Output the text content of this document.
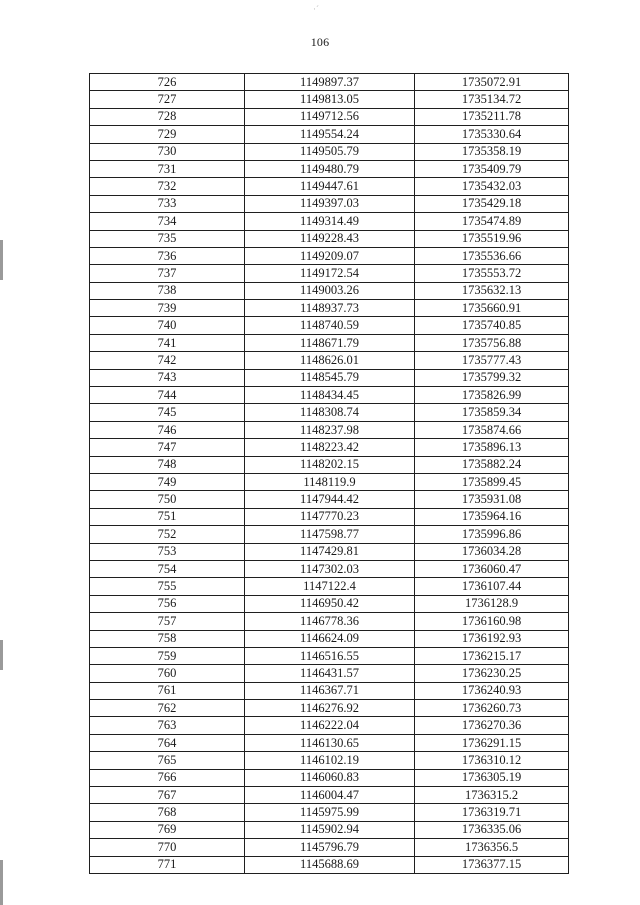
·ˊ
106
726	1149897.37	1735072.91
727	1149813.05	1735134.72
728	1149712.56	1735211.78
729	1149554.24	1735330.64
730	1149505.79	1735358.19
731	1149480.79	1735409.79
732	1149447.61	1735432.03
733	1149397.03	1735429.18
734	1149314.49	1735474.89
735	1149228.43	1735519.96
736	1149209.07	1735536.66
737	1149172.54	1735553.72
738	1149003.26	1735632.13
739	1148937.73	1735660.91
740	1148740.59	1735740.85
741	1148671.79	1735756.88
742	1148626.01	1735777.43
743	1148545.79	1735799.32
744	1148434.45	1735826.99
745	1148308.74	1735859.34
746	1148237.98	1735874.66
747	1148223.42	1735896.13
748	1148202.15	1735882.24
749	1148119.9	1735899.45
750	1147944.42	1735931.08
751	1147770.23	1735964.16
752	1147598.77	1735996.86
753	1147429.81	1736034.28
754	1147302.03	1736060.47
755	1147122.4	1736107.44
756	1146950.42	1736128.9
757	1146778.36	1736160.98
758	1146624.09	1736192.93
759	1146516.55	1736215.17
760	1146431.57	1736230.25
761	1146367.71	1736240.93
762	1146276.92	1736260.73
763	1146222.04	1736270.36
764	1146130.65	1736291.15
765	1146102.19	1736310.12
766	1146060.83	1736305.19
767	1146004.47	1736315.2
768	1145975.99	1736319.71
769	1145902.94	1736335.06
770	1145796.79	1736356.5
771	1145688.69	1736377.15
